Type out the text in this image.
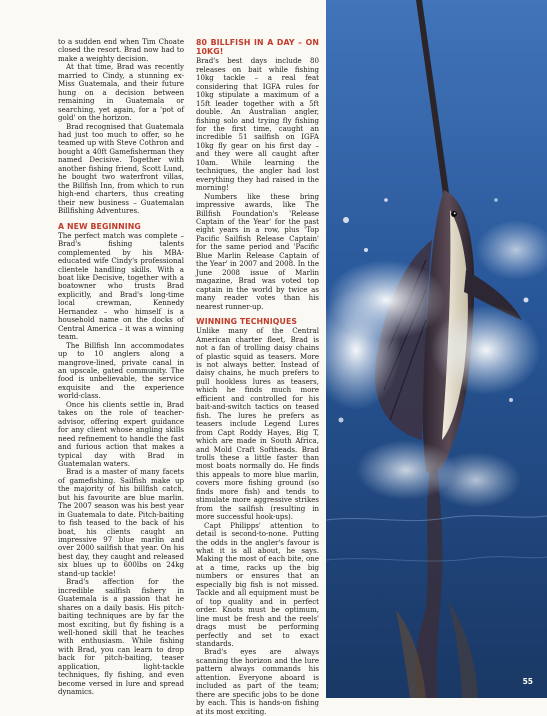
to a sudden end when Tim Choate closed the resort. Brad now had to make a weighty decision.

At that time, Brad was recently married to Cindy, a stunning ex-Miss Guatemala, and their future hung on a decision between remaining in Guatemala or searching, yet again, for a 'pot of gold' on the horizon.

Brad recognised that Guatemala had just too much to offer, so he teamed up with Steve Cothron and bought a 40ft Gamefisherman they named Decisive. Together with another fishing friend, Scott Lund, he bought two waterfront villas, the Billfish Inn, from which to run high-end charters, thus creating their new business – Guatemalan Billfishing Adventures.

A NEW BEGINNING

The perfect match was complete – Brad's fishing talents complemented by his MBA-educated wife Cindy's professional clientele handling skills. With a boat like Decisive, together with a boatowner who trusts Brad explicitly, and Brad's long-time local crewman, Kennedy Hernandez – who himself is a household name on the docks of Central America – it was a winning team.

The Billfish Inn accommodates up to 10 anglers along a mangrove-lined, private canal in an upscale, gated community. The food is unbelievable, the service exquisite and the experience world-class.

Once his clients settle in, Brad takes on the role of teacher-advisor, offering expert guidance for any client whose angling skills need refinement to handle the fast and furious action that makes a typical day with Brad in Guatemalan waters.

Brad is a master of many facets of gamefishing. Sailfish make up the majority of his billfish catch, but his favourite are blue marlin. The 2007 season was his best year in Guatemala to date. Pitch-baiting to fish teased to the back of his boat, his clients caught an impressive 97 blue marlin and over 2000 sailfish that year. On his best day, they caught and released six blues up to 600lbs on 24kg stand-up tackle!

Brad's affection for the incredible sailfish fishery in Guatemala is a passion that he shares on a daily basis. His pitch-baiting techniques are by far the most exciting, but fly fishing is a well-honed skill that he teaches with enthusiasm. While fishing with Brad, you can learn to drop back for pitch-baiting, teaser application, light-tackle techniques, fly fishing, and even become versed in lure and spread dynamics.

80 BILLFISH IN A DAY – ON 10KG!

Brad's best days include 80 releases on bait while fishing 10kg tackle – a real feat considering that IGFA rules for 10kg stipulate a maximum of a 15ft leader together with a 5ft double. An Australian angler, fishing solo and trying fly fishing for the first time, caught an incredible 51 sailfish on IGFA 10kg fly gear on his first day – and they were all caught after 10am. While learning the techniques, the angler had lost everything they had raised in the morning!

Numbers like these bring impressive awards, like The Billfish Foundation's 'Release Captain of the Year' for the past eight years in a row, plus 'Top Pacific Sailfish Release Captain' for the same period and 'Pacific Blue Marlin Release Captain of the Year' in 2007 and 2008. In the June 2008 issue of Marlin magazine, Brad was voted top captain in the world by twice as many reader votes than his nearest runner-up.

WINNING TECHNIQUES

Unlike many of the Central American charter fleet, Brad is not a fan of trolling daisy chains of plastic squid as teasers. More is not always better. Instead of daisy chains, he much prefers to pull hookless lures as teasers, which he finds much more efficient and controlled for his bait-and-switch tactics on teased fish. The lures he prefers as teasers include Legend Lures from Capt Roddy Hayes, Big T, which are made in South Africa, and Mold Craft Softheads. Brad trolls these a little faster than most boats normally do. He finds this appeals to more blue marlin, covers more fishing ground (so finds more fish) and tends to stimulate more aggressive strikes from the sailfish (resulting in more successful hook-ups).

Capt Philipps' attention to detail is second-to-none. Putting the odds in the angler's favour is what it is all about, he says. Making the most of each bite, one at a time, racks up the big numbers or ensures that an especially big fish is not missed. Tackle and all equipment must be of top quality and in perfect order. Knots must be optimum, line must be fresh and the reels' drags must be performing perfectly and set to exact standards.

Brad's eyes are always scanning the horizon and the lure pattern always commands his attention. Everyone aboard is included as part of the team; there are specific jobs to be done by each. This is hands-on fishing at its most exciting.

55
